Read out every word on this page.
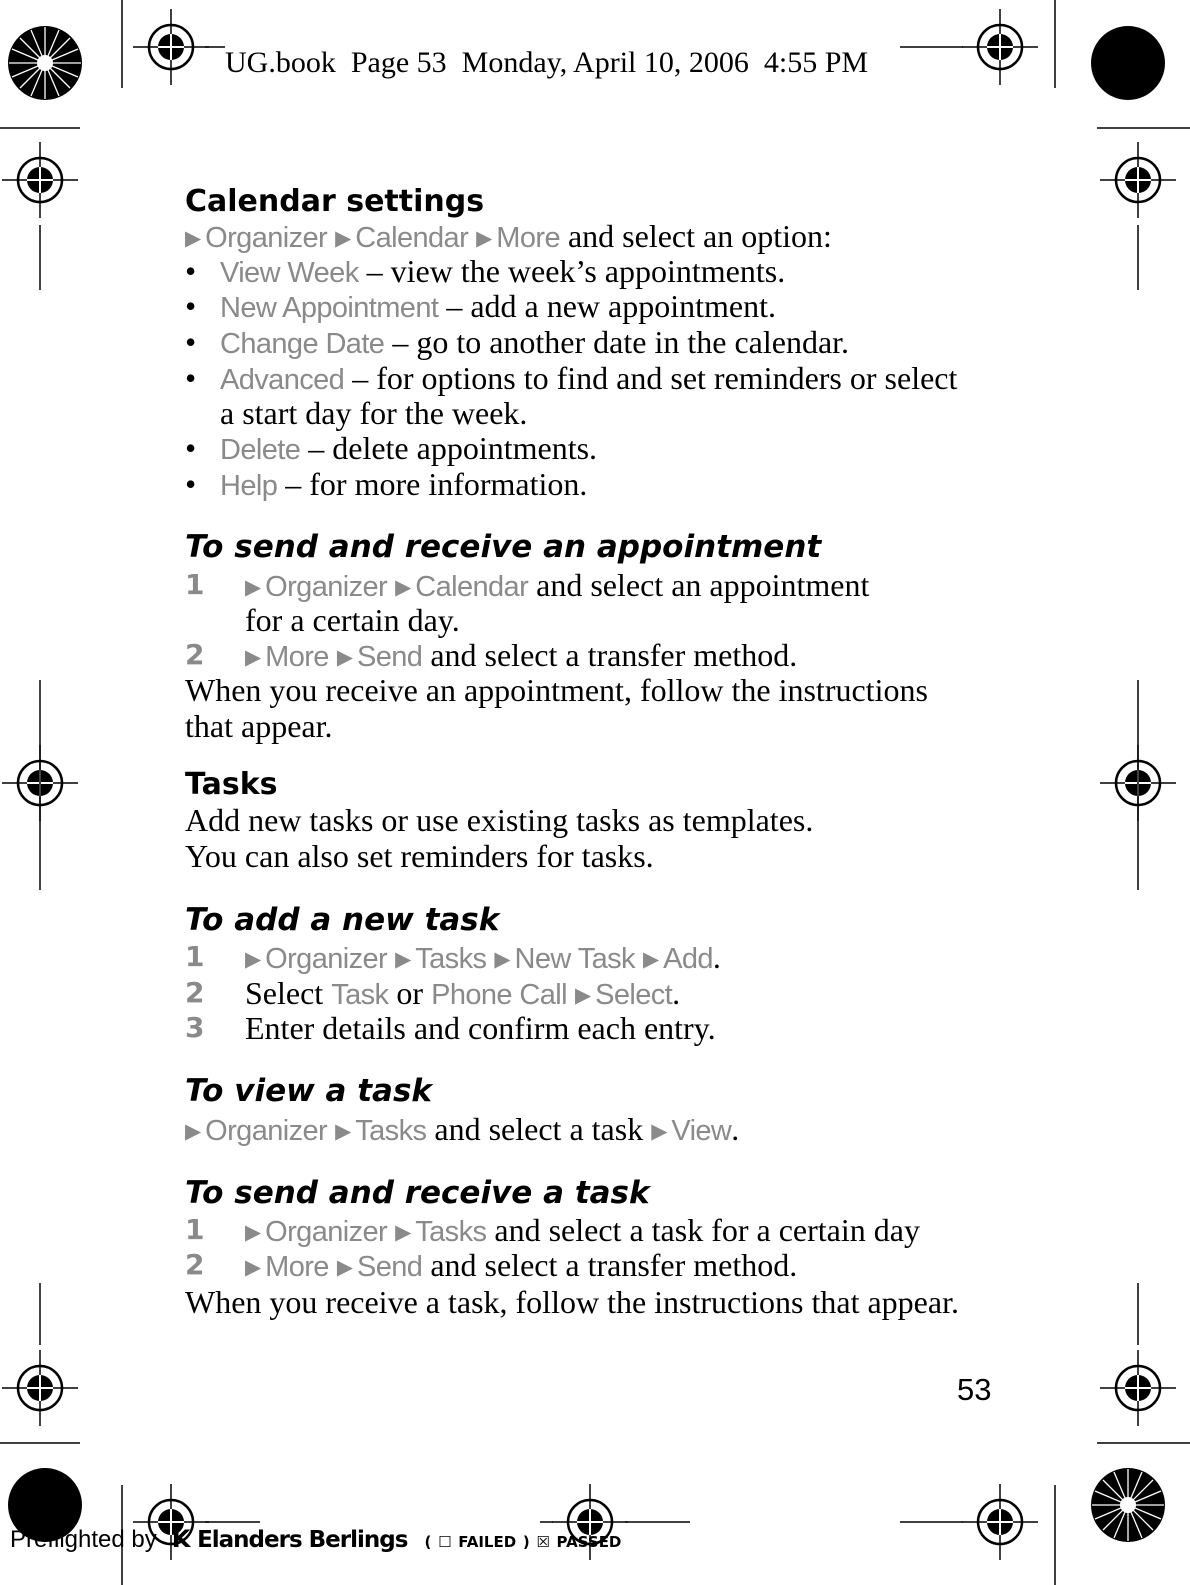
UG.book  Page 53  Monday, April 10, 2006  4:55 PM
Calendar settings
▶ Organizer ▶ Calendar ▶ More and select an option:
• View Week – view the week’s appointments.
• New Appointment – add a new appointment.
• Change Date – go to another date in the calendar.
• Advanced – for options to find and set reminders or select
a start day for the week.
• Delete – delete appointments.
• Help – for more information.
To send and receive an appointment
1 ▶ Organizer ▶ Calendar and select an appointment
for a certain day.
2 ▶ More ▶ Send and select a transfer method.
When you receive an appointment, follow the instructions
that appear.
Tasks
Add new tasks or use existing tasks as templates.
You can also set reminders for tasks.
To add a new task
1 ▶ Organizer ▶ Tasks ▶ New Task ▶ Add.
2 Select Task or Phone Call ▶ Select.
3 Enter details and confirm each entry.
To view a task
▶ Organizer ▶ Tasks and select a task ▶ View.
To send and receive a task
1 ▶ Organizer ▶ Tasks and select a task for a certain day
2 ▶ More ▶ Send and select a transfer method.
When you receive a task, follow the instructions that appear.
53
Preflighted by  K Elanders Berlings   ( ☐ FAILED ) ☒ PASSED
